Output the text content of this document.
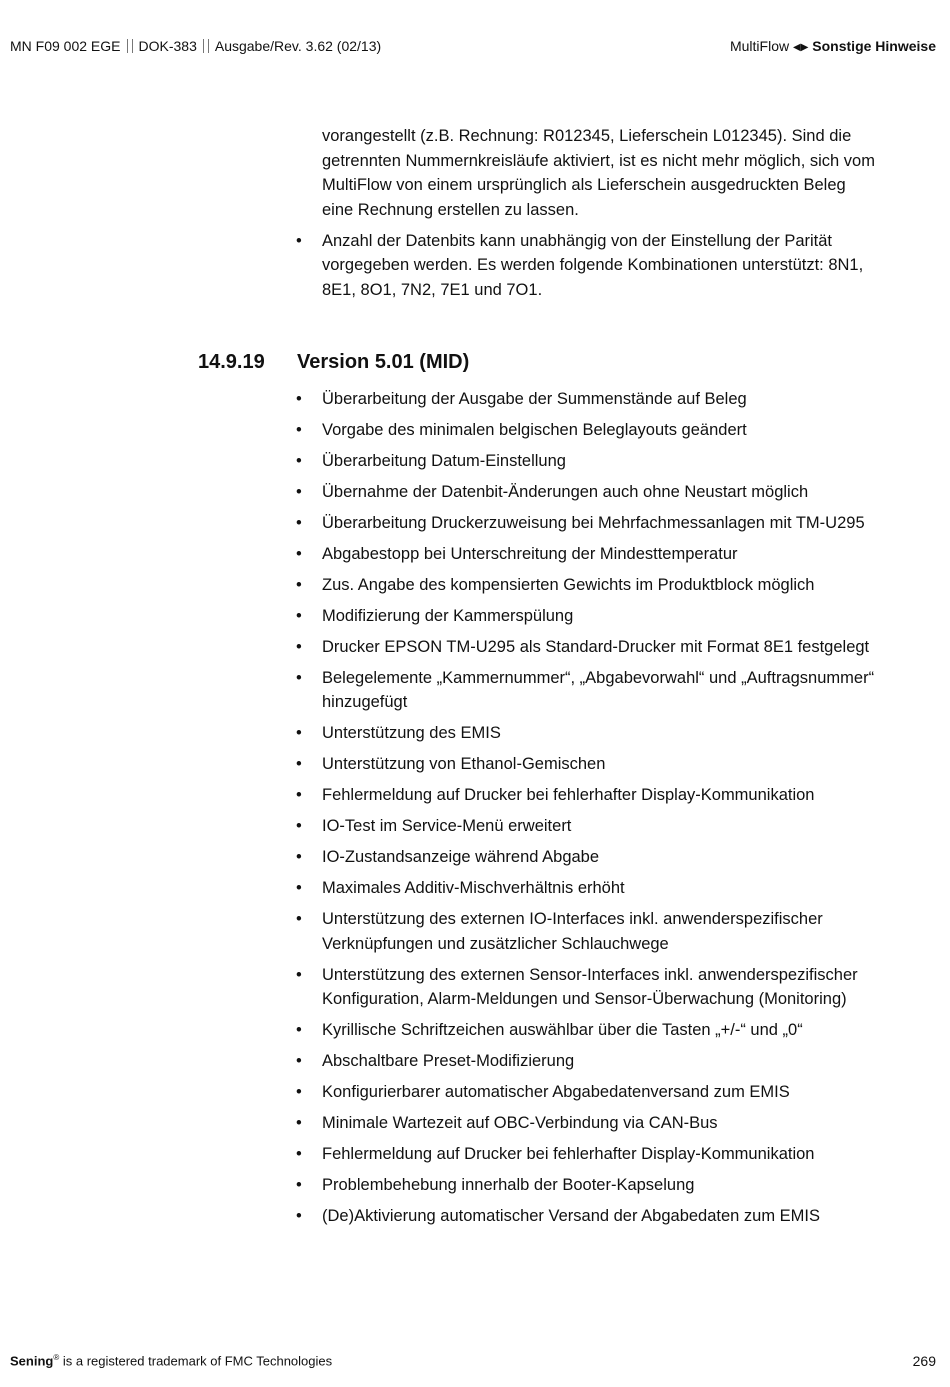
MN F09 002 EGE DOK-383 Ausgabe/Rev. 3.62 (02/13)	MultiFlow ◀▶ Sonstige Hinweise
vorangestellt (z.B. Rechnung: R012345, Lieferschein L012345). Sind die getrennten Nummernkreisläufe aktiviert, ist es nicht mehr möglich, sich vom MultiFlow von einem ursprünglich als Lieferschein ausgedruckten Beleg eine Rechnung erstellen zu lassen.
• Anzahl der Datenbits kann unabhängig von der Einstellung der Parität vorgegeben werden. Es werden folgende Kombinationen unterstützt: 8N1, 8E1, 8O1, 7N2, 7E1 und 7O1.
14.9.19 Version 5.01 (MID)
• Überarbeitung der Ausgabe der Summenstände auf Beleg
• Vorgabe des minimalen belgischen Beleglayouts geändert
• Überarbeitung Datum-Einstellung
• Übernahme der Datenbit-Änderungen auch ohne Neustart möglich
• Überarbeitung Druckerzuweisung bei Mehrfachmessanlagen mit TM-U295
• Abgabestopp bei Unterschreitung der Mindesttemperatur
• Zus. Angabe des kompensierten Gewichts im Produktblock möglich
• Modifizierung der Kammerspülung
• Drucker EPSON TM-U295 als Standard-Drucker mit Format 8E1 festgelegt
• Belegelemente „Kammernummer“, „Abgabevorwahl“ und „Auftragsnummer“ hinzugefügt
• Unterstützung des EMIS
• Unterstützung von Ethanol-Gemischen
• Fehlermeldung auf Drucker bei fehlerhafter Display-Kommunikation
• IO-Test im Service-Menü erweitert
• IO-Zustandsanzeige während Abgabe
• Maximales Additiv-Mischverhältnis erhöht
• Unterstützung des externen IO-Interfaces inkl. anwenderspezifischer Verknüpfungen und zusätzlicher Schlauchwege
• Unterstützung des externen Sensor-Interfaces inkl. anwenderspezifischer Konfiguration, Alarm-Meldungen und Sensor-Überwachung (Monitoring)
• Kyrillische Schriftzeichen auswählbar über die Tasten „+/-“ und „0“
• Abschaltbare Preset-Modifizierung
• Konfigurierbarer automatischer Abgabedatenversand zum EMIS
• Minimale Wartezeit auf OBC-Verbindung via CAN-Bus
• Fehlermeldung auf Drucker bei fehlerhafter Display-Kommunikation
• Problembehebung innerhalb der Booter-Kapselung
• (De)Aktivierung automatischer Versand der Abgabedaten zum EMIS
Sening® is a registered trademark of FMC Technologies	269
